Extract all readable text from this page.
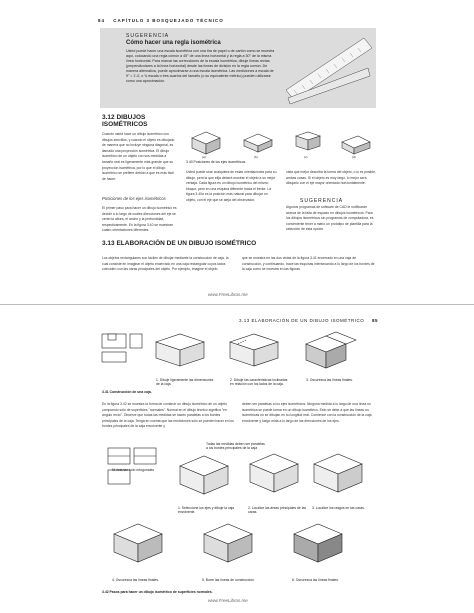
84 CAPÍTULO 3 BOSQUEJADO TÉCNICO
SUGERENCIA
Cómo hacer una regla isométrica
Usted puede hacer una escala isométrica con una tira de papel o de cartón como se muestra aquí, colocando una regla común a 45° de una línea horizontal y la regla a 30° de la misma línea horizontal. Para marcar las correcciones de la escala isométrica, dibuje líneas rectas (perpendiculares a la línea horizontal) desde las líneas de división en la regla común. De manera alternativa, puede aproximarse a una escala isométrica. Las mediciones a escala de 9" = 1'-0, o ¾ escala o tres cuartos del tamaño (o su equivalente métrico) pueden utilizarse como una aproximación.
3.12 DIBUJOS ISOMÉTRICOS
Cuando usted hace un dibujo isométrico con dibujos sencillos, y cuando el objeto es dibujado de manera que no incluye ninguna diagonal, es llamado una proyección isométrica. El dibujo isométrico de un objeto con sus medidas a tamaño real es ligeramente más grande que su proyección isométrica, por lo que el dibujo isométrico se prefiere debido a que es más fácil de hacer.
Posiciones de los ejes isométricos
El primer paso para hacer un dibujo isométrico es decidir a lo largo de cuáles direcciones del eje se verán la altura, el ancho y la profundidad, respectivamente. En la figura 3.40 se muestran cuatro orientaciones diferentes.
(a)	(b)	(c)	(d)
3.40 Posiciones de los ejes isométricos.
Usted puede usar cualquiera de estas orientaciones para su dibujo, pero la que elija deberá mostrar el objeto a su mejor ventaja. Cada figura es un dibujo isométrico del mismo bloque, pero en una esquina diferente hacia el frente. La figura 3.40a es la posición más natural para dibujar un objeto, con el eje que se aleja del observador.
vista que mejor describa la forma del objeto, o si es posible, ambas cosas. Si el objeto es muy largo, lo mejor será dibujarlo con el eje mayor orientado horizontalmente.
SUGERENCIA
Algunos programas de software de CAD le notificarán acerca de la falta de espacio en dibujos isométricos. Para los dibujos isométricos sin programas de computadora, es conveniente tener a mano un prototipo de plantilla para la selección de esta opción.
3.13 ELABORACIÓN DE UN DIBUJO ISOMÉTRICO
Los objetos rectangulares son fáciles de dibujar mediante la construcción de caja, la cual consiste en imaginar el objeto encerrado en una caja rectangular cuyos lados coinciden con las caras principales del objeto. Por ejemplo, imagine el objeto
que se muestra en las dos vistas de la figura 3.41 encerrado en una caja de construcción, y continuando, trace las esquinas intersecando a lo largo de los bordes de la caja como se muestra en las figuras.
www.FreeLibros.me
3.13 ELABORACIÓN DE UN DIBUJO ISOMÉTRICO 85
1. Dibuje ligeramente las dimensiones de la caja.
2. Dibuje las características inclinadas en relación con los lados de la caja.
3. Oscurezca las líneas finales.
3.41 Construcción de una caja.
En la figura 3.42 se muestra la forma de construir un dibujo isométrico de un objeto compuesto sólo de superficies "normales". Normal en el dibujo técnico significa "en ángulo recto". Observe que todas las medidas se hacen paralelas a los bordes principales de la caja. Tenga en cuenta que las mediciones sólo se pueden hacer en los bordes principales de la caja envolvente y
deben ser paralelas a los ejes isométricos. Ninguna medida a lo largo de una línea no isométrica se puede tomar en un dibujo isométrico. Esto se debe a que las líneas no isométricas no se dibujan en su longitud real. Comience con la construcción de la caja envolvente y luego mida a lo largo de las direcciones de los ejes.
Todas las medidas deben ser paralelas a los bordes principales de la caja
Ni ésta tan solo ortogonales
1. Seleccione los ejes y dibuje la caja envolvente.
2. Localice las áreas principales de las caras.
3. Localice los rasgos en las caras.
4. Oscurezca las líneas finales.	5. Borre las líneas de construcción.	6. Oscurezca las líneas finales.
3.42 Pasos para hacer un dibujo isométrico de superficies normales.
www.FreeLibros.me
